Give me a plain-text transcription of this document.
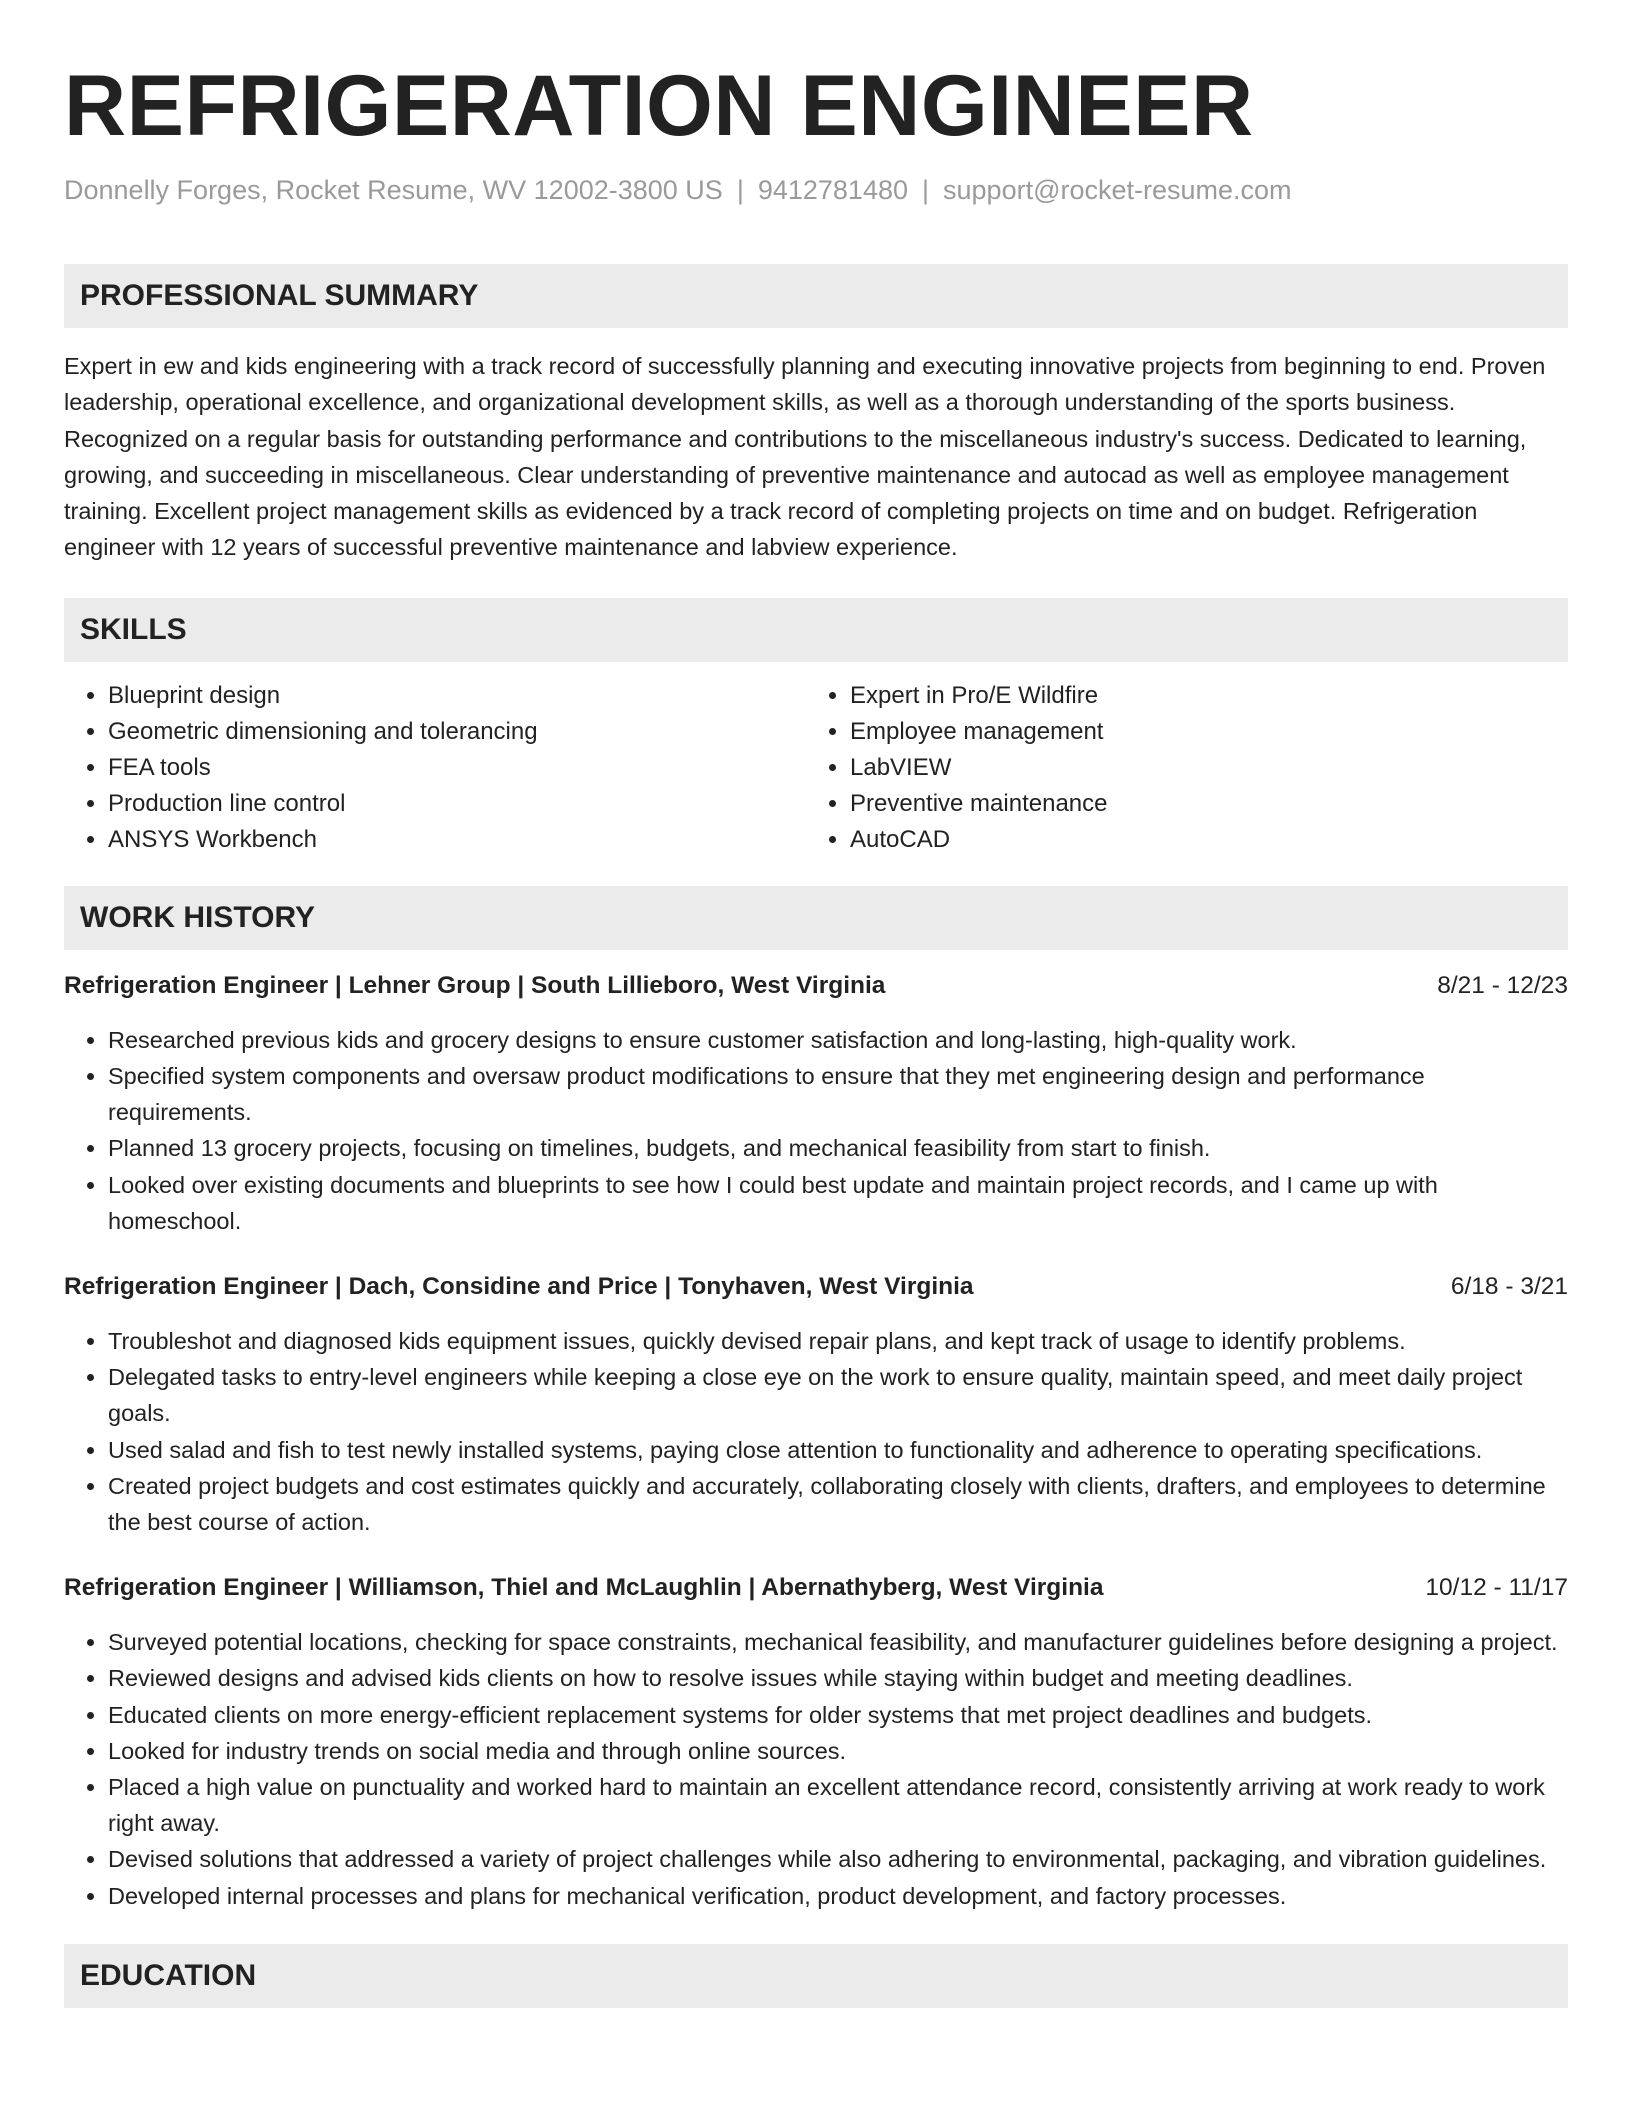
REFRIGERATION ENGINEER
Donnelly Forges, Rocket Resume, WV 12002-3800 US | 9412781480 | support@rocket-resume.com
PROFESSIONAL SUMMARY

Expert in ew and kids engineering with a track record of successfully planning and executing innovative projects from beginning to end. Proven leadership, operational excellence, and organizational development skills, as well as a thorough understanding of the sports business. Recognized on a regular basis for outstanding performance and contributions to the miscellaneous industry's success. Dedicated to learning, growing, and succeeding in miscellaneous. Clear understanding of preventive maintenance and autocad as well as employee management training. Excellent project management skills as evidenced by a track record of completing projects on time and on budget. Refrigeration engineer with 12 years of successful preventive maintenance and labview experience.

SKILLS
• Blueprint design
• Geometric dimensioning and tolerancing
• FEA tools
• Production line control
• ANSYS Workbench
• Expert in Pro/E Wildfire
• Employee management
• LabVIEW
• Preventive maintenance
• AutoCAD
WORK HISTORY
Refrigeration Engineer | Lehner Group | South Lillieboro, West Virginia	8/21 - 12/23
• Researched previous kids and grocery designs to ensure customer satisfaction and long-lasting, high-quality work.
• Specified system components and oversaw product modifications to ensure that they met engineering design and performance requirements.
• Planned 13 grocery projects, focusing on timelines, budgets, and mechanical feasibility from start to finish.
• Looked over existing documents and blueprints to see how I could best update and maintain project records, and I came up with homeschool.
Refrigeration Engineer | Dach, Considine and Price | Tonyhaven, West Virginia	6/18 - 3/21
• Troubleshot and diagnosed kids equipment issues, quickly devised repair plans, and kept track of usage to identify problems.
• Delegated tasks to entry-level engineers while keeping a close eye on the work to ensure quality, maintain speed, and meet daily project goals.
• Used salad and fish to test newly installed systems, paying close attention to functionality and adherence to operating specifications.
• Created project budgets and cost estimates quickly and accurately, collaborating closely with clients, drafters, and employees to determine the best course of action.
Refrigeration Engineer | Williamson, Thiel and McLaughlin | Abernathyberg, West Virginia	10/12 - 11/17
• Surveyed potential locations, checking for space constraints, mechanical feasibility, and manufacturer guidelines before designing a project.
• Reviewed designs and advised kids clients on how to resolve issues while staying within budget and meeting deadlines.
• Educated clients on more energy-efficient replacement systems for older systems that met project deadlines and budgets.
• Looked for industry trends on social media and through online sources.
• Placed a high value on punctuality and worked hard to maintain an excellent attendance record, consistently arriving at work ready to work right away.
• Devised solutions that addressed a variety of project challenges while also adhering to environmental, packaging, and vibration guidelines.
• Developed internal processes and plans for mechanical verification, product development, and factory processes.
EDUCATION
